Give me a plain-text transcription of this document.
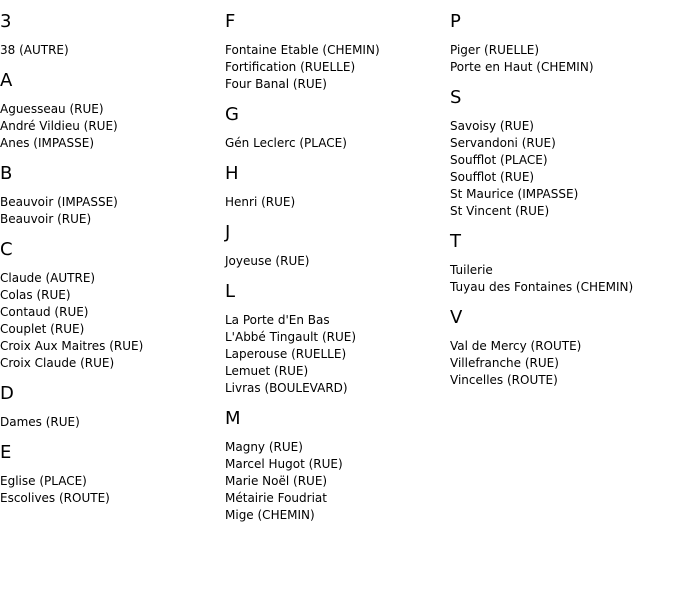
3
38 (AUTRE)
A
Aguesseau (RUE)
André Vildieu (RUE)
Anes (IMPASSE)
B
Beauvoir (IMPASSE)
Beauvoir (RUE)
C
Claude (AUTRE)
Colas (RUE)
Contaud (RUE)
Couplet (RUE)
Croix Aux Maitres (RUE)
Croix Claude (RUE)
D
Dames (RUE)
E
Eglise (PLACE)
Escolives (ROUTE)
F
Fontaine Etable (CHEMIN)
Fortification (RUELLE)
Four Banal (RUE)
G
Gén Leclerc (PLACE)
H
Henri (RUE)
J
Joyeuse (RUE)
L
La Porte d'En Bas
L'Abbé Tingault (RUE)
Laperouse (RUELLE)
Lemuet (RUE)
Livras (BOULEVARD)
M
Magny (RUE)
Marcel Hugot (RUE)
Marie Noël (RUE)
Métairie Foudriat
Mige (CHEMIN)
P
Piger (RUELLE)
Porte en Haut (CHEMIN)
S
Savoisy (RUE)
Servandoni (RUE)
Soufflot (PLACE)
Soufflot (RUE)
St Maurice (IMPASSE)
St Vincent (RUE)
T
Tuilerie
Tuyau des Fontaines (CHEMIN)
V
Val de Mercy (ROUTE)
Villefranche (RUE)
Vincelles (ROUTE)
